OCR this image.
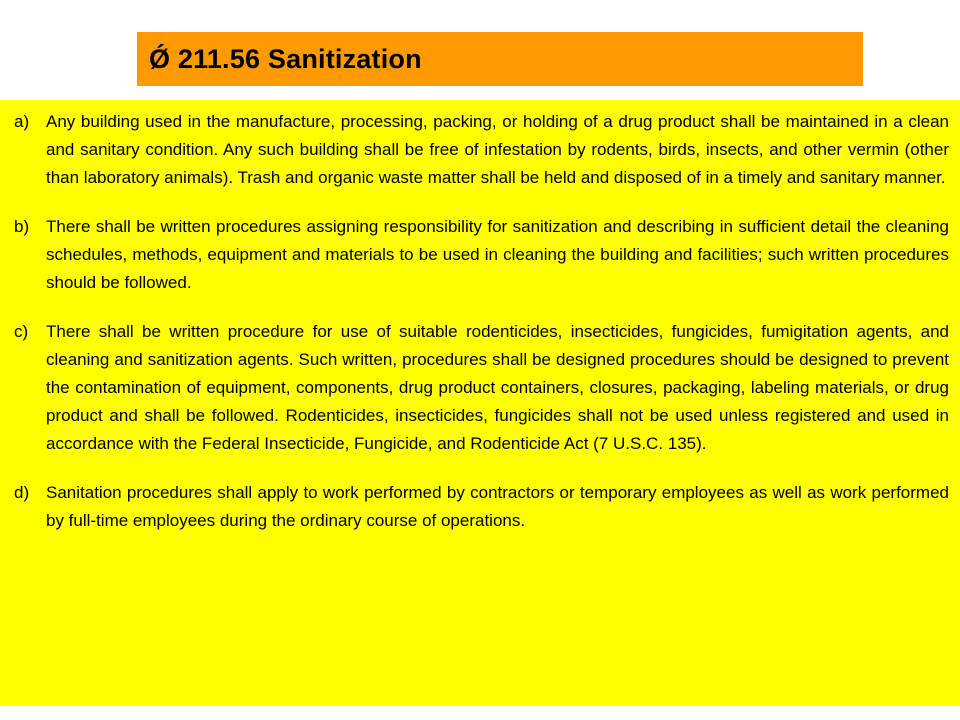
Ǿ 211.56 Sanitization
a) Any building used in the manufacture, processing, packing, or holding of a drug product shall be maintained in a clean and sanitary condition. Any such building shall be free of infestation by rodents, birds, insects, and other vermin (other than laboratory animals). Trash and organic waste matter shall be held and disposed of in a timely and sanitary manner.

b) There shall be written procedures assigning responsibility for sanitization and describing in sufficient detail the cleaning schedules, methods, equipment and materials to be used in cleaning the building and facilities; such written procedures should be followed.

c)	There shall be written procedure for use of suitable rodenticides, insecticides, fungicides, fumigitation agents, and cleaning and sanitization agents. Such written, procedures shall be designed procedures should be designed to prevent the contamination of equipment, components, drug product containers, closures, packaging, labeling materials, or drug product and shall be followed. Rodenticides, insecticides, fungicides shall not be used unless registered and used in accordance with the Federal Insecticide, Fungicide, and Rodenticide Act (7 U.S.C. 135).

d) Sanitation procedures shall apply to work performed by contractors or temporary employees as well as work performed by full-time employees during the ordinary course of operations.
